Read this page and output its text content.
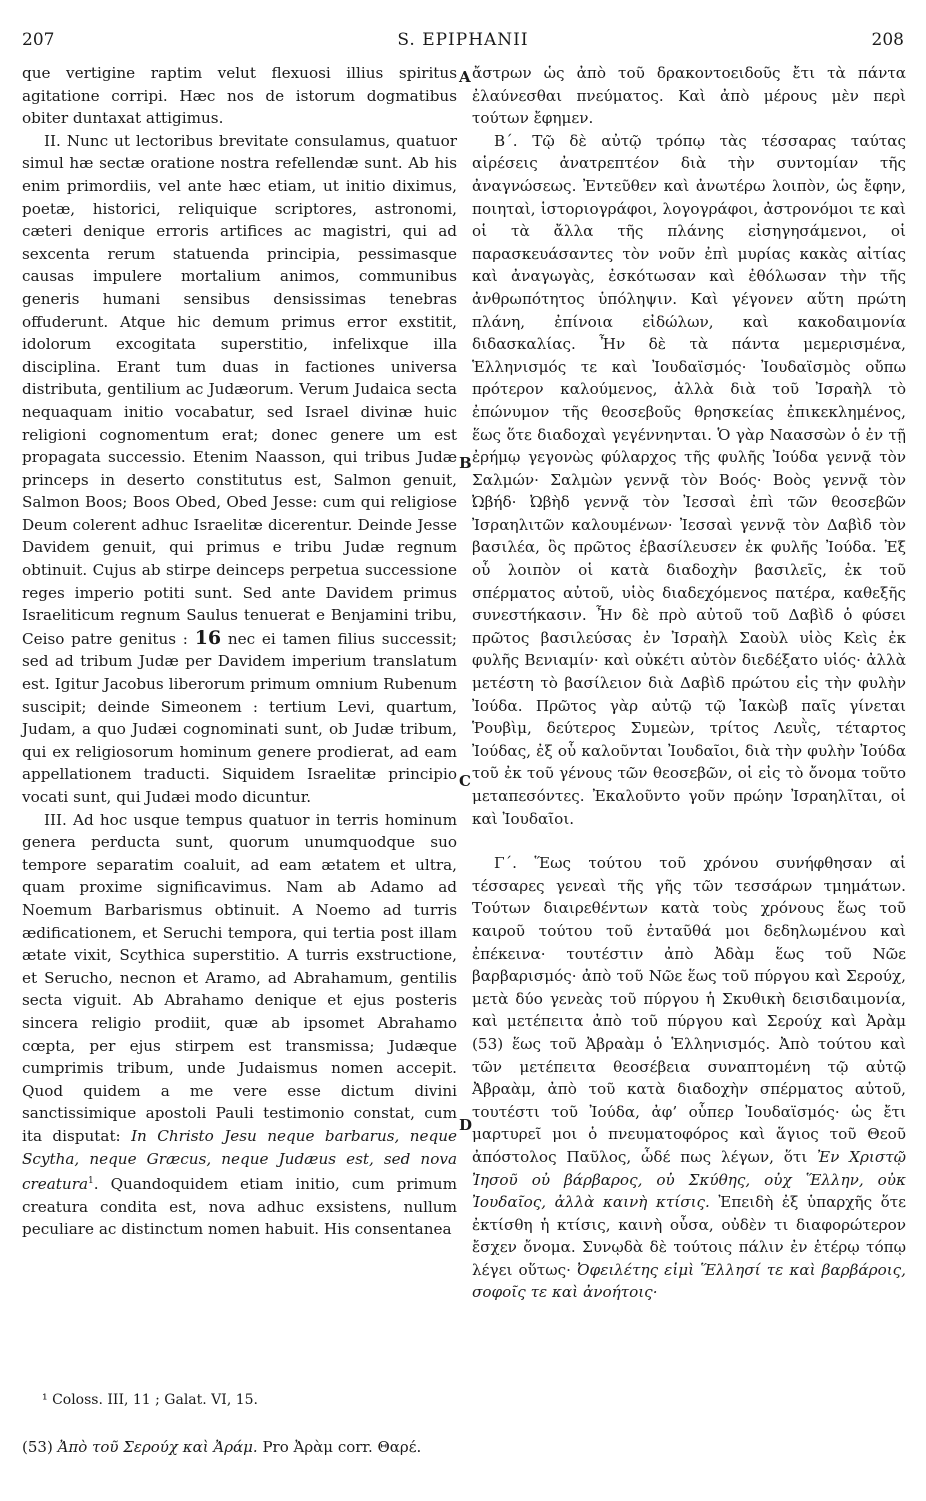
207	S. EPIPHANII	208
A
B
C
D

que vertigine raptim velut flexuosi illius spiritus agitatione corripi. Hæc nos de istorum dogmatibus obiter duntaxat attigimus.

II. Nunc ut lectoribus brevitate consulamus, quatuor simul hæ sectæ oratione nostra refellendæ sunt. Ab his enim primordiis, vel ante hæc etiam, ut initio diximus, poetæ, historici, reliquique scriptores, astronomi, cæteri denique erroris artifices ac magistri, qui ad sexcenta rerum statuenda principia, pessimasque causas impulere mortalium animos, communibus generis humani sensibus densissimas tenebras offuderunt. Atque hic demum primus error exstitit, idolorum excogitata superstitio, infelixque illa disciplina. Erant tum duas in factiones universa distributa, gentilium ac Judæorum. Verum Judaica secta nequaquam initio vocabatur, sed Israel divinæ huic religioni cognomentum erat; donec genere um est propagata successio. Etenim Naasson, qui tribus Judæ princeps in deserto constitutus est, Salmon genuit, Salmon Boos; Boos Obed, Obed Jesse: cum qui religiose Deum colerent adhuc Israelitæ dicerentur. Deinde Jesse Davidem genuit, qui primus e tribu Judæ regnum obtinuit. Cujus ab stirpe deinceps perpetua successione reges imperio potiti sunt. Sed ante Davidem primus Israeliticum regnum Saulus tenuerat e Benjamini tribu, Ceiso patre genitus : 16 nec ei tamen filius successit; sed ad tribum Judæ per Davidem imperium translatum est. Igitur Jacobus liberorum primum omnium Rubenum suscipit; deinde Simeonem : tertium Levi, quartum, Judam, a quo Judæi cognominati sunt, ob Judæ tribum, qui ex religiosorum hominum genere prodierat, ad eam appellationem traducti. Siquidem Israelitæ principio vocati sunt, qui Judæi modo dicuntur.

III. Ad hoc usque tempus quatuor in terris hominum genera perducta sunt, quorum unumquodque suo tempore separatim coaluit, ad eam ætatem et ultra, quam proxime significavimus. Nam ab Adamo ad Noemum Barbarismus obtinuit. A Noemo ad turris ædificationem, et Seruchi tempora, qui tertia post illam ætate vixit, Scythica superstitio. A turris exstructione, et Serucho, necnon et Aramo, ad Abrahamum, gentilis secta viguit. Ab Abrahamo denique et ejus posteris sincera religio prodiit, quæ ab ipsomet Abrahamo cœpta, per ejus stirpem est transmissa; Judæque cumprimis tribum, unde Judaismus nomen accepit. Quod quidem a me vere esse dictum divini sanctissimique apostoli Pauli testimonio constat, cum ita disputat: In Christo Jesu neque barbarus, neque Scytha, neque Græcus, neque Judæus est, sed nova creatura$^1$. Quandoquidem etiam initio, cum primum creatura condita est, nova adhuc exsistens, nullum peculiare ac distinctum nomen habuit. His consentanea

ἄστρων ὡς ἀπὸ τοῦ δρακοντοειδοῦς ἔτι τὰ πάντα ἐλαύνεσθαι πνεύματος. Καὶ ἀπὸ μέρους μὲν περὶ τούτων ἔφημεν.

Β΄. Τῷ δὲ αὐτῷ τρόπῳ τὰς τέσσαρας ταύτας αἱρέσεις ἀνατρεπτέον διὰ τὴν συντομίαν τῆς ἀναγνώσεως. Ἐντεῦθεν καὶ ἀνωτέρω λοιπὸν, ὡς ἔφην, ποιηταὶ, ἱστοριογράφοι, λογογράφοι, ἀστρονόμοι τε καὶ οἱ τὰ ἄλλα τῆς πλάνης εἰσηγησάμενοι, οἱ παρασκευάσαντες τὸν νοῦν ἐπὶ μυρίας κακὰς αἰτίας καὶ ἀναγωγὰς, ἐσκότωσαν καὶ ἐθόλωσαν τὴν τῆς ἀνθρωπότητος ὑπόληψιν. Καὶ γέγονεν αὕτη πρώτη πλάνη, ἐπίνοια εἰδώλων, καὶ κακοδαιμονία διδασκαλίας. Ἦν δὲ τὰ πάντα μεμερισμένα, Ἑλληνισμός τε καὶ Ἰουδαϊσμός· Ἰουδαϊσμὸς οὔπω πρότερον καλούμενος, ἀλλὰ διὰ τοῦ Ἰσραὴλ τὸ ἐπώνυμον τῆς θεοσεβοῦς θρησκείας ἐπικεκλημένος, ἕως ὅτε διαδοχαὶ γεγέννηνται. Ὁ γὰρ Ναασσὼν ὁ ἐν τῇ ἐρήμῳ γεγονὼς φύλαρχος τῆς φυλῆς Ἰούδα γεννᾷ τὸν Σαλμών· Σαλμὼν γεννᾷ τὸν Βοός· Βοὸς γεννᾷ τὸν Ὠβήδ· Ὠβὴδ γεννᾷ τὸν Ἰεσσαὶ ἐπὶ τῶν θεοσεβῶν Ἰσραηλιτῶν καλουμένων· Ἰεσσαὶ γεννᾷ τὸν Δαβὶδ τὸν βασιλέα, ὃς πρῶτος ἐβασίλευσεν ἐκ φυλῆς Ἰούδα. Ἐξ οὗ λοιπὸν οἱ κατὰ διαδοχὴν βασιλεῖς, ἐκ τοῦ σπέρματος αὐτοῦ, υἱὸς διαδεχόμενος πατέρα, καθεξῆς συνεστήκασιν. Ἦν δὲ πρὸ αὐτοῦ τοῦ Δαβὶδ ὁ φύσει πρῶτος βασιλεύσας ἐν Ἰσραὴλ Σαοὺλ υἱὸς Κεὶς ἐκ φυλῆς Βενιαμίν· καὶ οὐκέτι αὐτὸν διεδέξατο υἱός· ἀλλὰ μετέστη τὸ βασίλειον διὰ Δαβὶδ πρώτου εἰς τὴν φυλὴν Ἰούδα. Πρῶτος γὰρ αὐτῷ τῷ Ἰακὼβ παῖς γίνεται Ῥουβὶμ, δεύτερος Συμεὼν, τρίτος Λευῒς, τέταρτος Ἰούδας, ἐξ οὗ καλοῦνται Ἰουδαῖοι, διὰ τὴν φυλὴν Ἰούδα τοῦ ἐκ τοῦ γένους τῶν θεοσεβῶν, οἱ εἰς τὸ ὄνομα τοῦτο μεταπεσόντες. Ἐκαλοῦντο γοῦν πρώην Ἰσραηλῖται, οἱ καὶ Ἰουδαῖοι.

Γ΄. Ἕως τούτου τοῦ χρόνου συνήφθησαν αἱ τέσσαρες γενεαὶ τῆς γῆς τῶν τεσσάρων τμημάτων. Τούτων διαιρεθέντων κατὰ τοὺς χρόνους ἕως τοῦ καιροῦ τούτου τοῦ ἐνταῦθά μοι δεδηλωμένου καὶ ἐπέκεινα· τουτέστιν ἀπὸ Ἀδὰμ ἕως τοῦ Νῶε βαρβαρισμός· ἀπὸ τοῦ Νῶε ἕως τοῦ πύργου καὶ Σερούχ, μετὰ δύο γενεὰς τοῦ πύργου ἡ Σκυθικὴ δεισιδαιμονία, καὶ μετέπειτα ἀπὸ τοῦ πύργου καὶ Σερούχ καὶ Ἀρὰμ (53) ἕως τοῦ Ἀβραὰμ ὁ Ἑλληνισμός. Ἀπὸ τούτου καὶ τῶν μετέπειτα θεοσέβεια συναπτομένη τῷ αὐτῷ Ἀβραὰμ, ἀπὸ τοῦ κατὰ διαδοχὴν σπέρματος αὐτοῦ, τουτέστι τοῦ Ἰούδα, ἀφ’ οὗπερ Ἰουδαϊσμός· ὡς ἔτι μαρτυρεῖ μοι ὁ πνευματοφόρος καὶ ἅγιος τοῦ Θεοῦ ἀπόστολος Παῦλος, ὧδέ πως λέγων, ὅτι Ἐν Χριστῷ Ἰησοῦ οὐ βάρβαρος, οὐ Σκύθης, οὐχ Ἕλλην, οὐκ Ἰουδαῖος, ἀλλὰ καινὴ κτίσις. Ἐπειδὴ ἐξ ὑπαρχῆς ὅτε ἐκτίσθη ἡ κτίσις, καινὴ οὖσα, οὐδὲν τι διαφορώτερον ἔσχεν ὄνομα. Συνῳδὰ δὲ τούτοις πάλιν ἐν ἑτέρῳ τόπῳ λέγει οὕτως· Ὀφειλέτης εἰμὶ Ἕλλησί τε καὶ βαρβάροις, σοφοῖς τε καὶ ἀνοήτοις·

¹ Coloss. III, 11 ; Galat. VI, 15.
(53) Ἀπὸ τοῦ Σερούχ καὶ Ἀράμ. Pro Ἀρὰμ corr. Θαρέ.
